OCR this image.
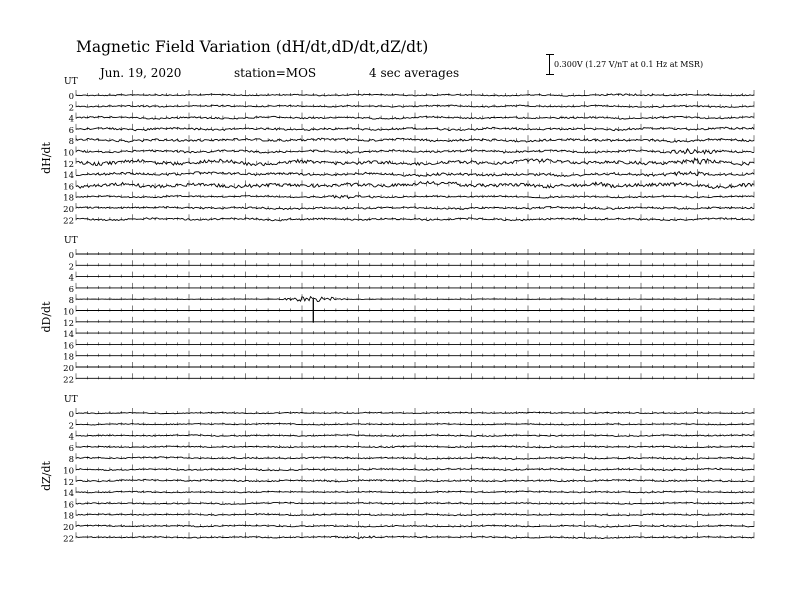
Magnetic Field Variation (dH/dt,dD/dt,dZ/dt)
Jun. 19, 2020	station=MOS	4 sec averages
0.300V (1.27 V/nT at 0.1 Hz at MSR)
UT
dH/dt
0
2
4
6
8
10
12
14
16
18
20
22
UT
dD/dt
0
2
4
6
8
10
12
14
16
18
20
22
UT
dZ/dt
0
2
4
6
8
10
12
14
16
18
20
22
